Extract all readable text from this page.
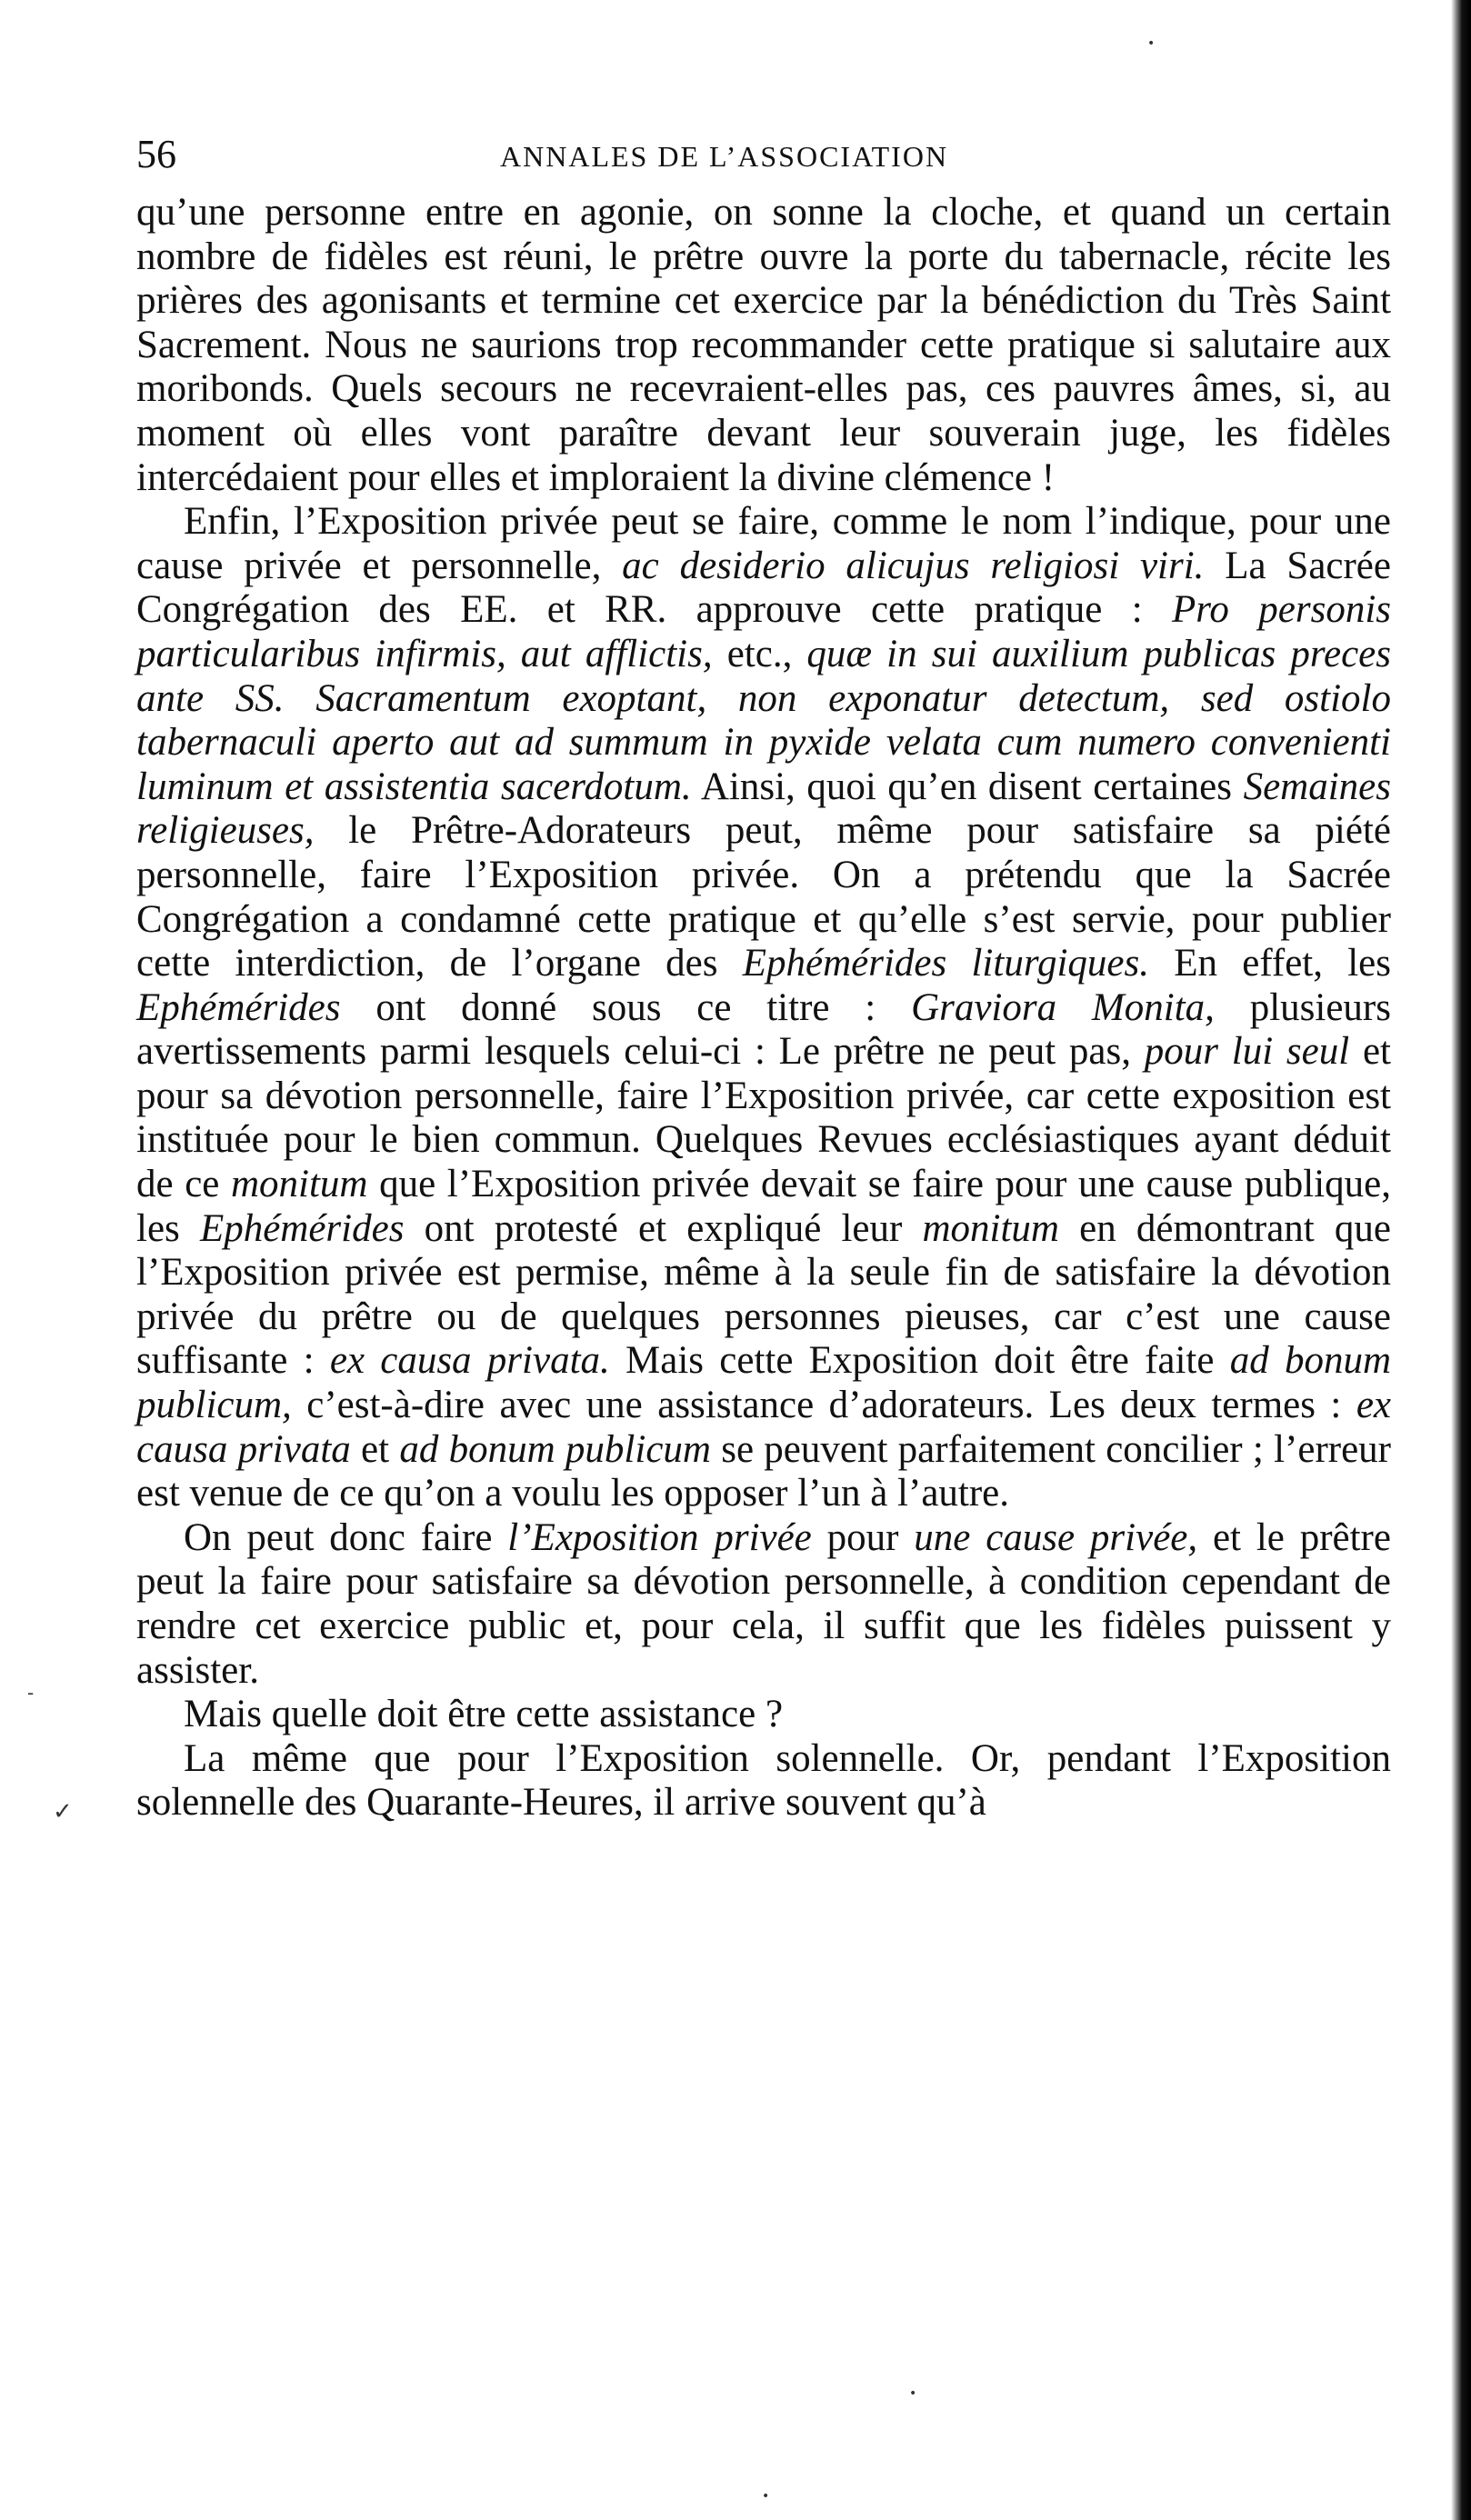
56	ANNALES DE L’ASSOCIATION

qu’une personne entre en agonie, on sonne la cloche, et quand un certain nombre de fidèles est réuni, le prêtre ouvre la porte du tabernacle, récite les prières des agonisants et termine cet exercice par la bénédiction du Très Saint Sacrement. Nous ne saurions trop recommander cette pratique si salutaire aux moribonds. Quels secours ne recevraient-elles pas, ces pauvres âmes, si, au moment où elles vont paraître devant leur souverain juge, les fidèles intercédaient pour elles et imploraient la divine clémence !

Enfin, l’Exposition privée peut se faire, comme le nom l’indique, pour une cause privée et personnelle, ac desiderio alicujus religiosi viri. La Sacrée Congrégation des EE. et RR. approuve cette pratique : Pro personis particularibus infirmis, aut afflictis, etc., quæ in sui auxilium publicas preces ante SS. Sacramentum exoptant, non exponatur detectum, sed ostiolo tabernaculi aperto aut ad summum in pyxide velata cum numero convenienti luminum et assistentia sacerdotum. Ainsi, quoi qu’en disent certaines Semaines religieuses, le Prêtre-Adorateurs peut, même pour satisfaire sa piété personnelle, faire l’Exposition privée. On a prétendu que la Sacrée Congrégation a condamné cette pratique et qu’elle s’est servie, pour publier cette interdiction, de l’organe des Ephémérides liturgiques. En effet, les Ephémérides ont donné sous ce titre : Graviora Monita, plusieurs avertissements parmi lesquels celui-ci : Le prêtre ne peut pas, pour lui seul et pour sa dévotion personnelle, faire l’Exposition privée, car cette exposition est instituée pour le bien commun. Quelques Revues ecclésiastiques ayant déduit de ce monitum que l’Exposition privée devait se faire pour une cause publique, les Ephémérides ont protesté et expliqué leur monitum en démontrant que l’Exposition privée est permise, même à la seule fin de satisfaire la dévotion privée du prêtre ou de quelques personnes pieuses, car c’est une cause suffisante : ex causa privata. Mais cette Exposition doit être faite ad bonum publicum, c’est-à-dire avec une assistance d’adorateurs. Les deux termes : ex causa privata et ad bonum publicum se peuvent parfaitement concilier ; l’erreur est venue de ce qu’on a voulu les opposer l’un à l’autre.

On peut donc faire l’Exposition privée pour une cause privée, et le prêtre peut la faire pour satisfaire sa dévotion personnelle, à condition cependant de rendre cet exercice public et, pour cela, il suffit que les fidèles puissent y assister.

Mais quelle doit être cette assistance ?

La même que pour l’Exposition solennelle. Or, pendant l’Exposition solennelle des Quarante-Heures, il arrive souvent qu’à

-
✓
•
•
•
